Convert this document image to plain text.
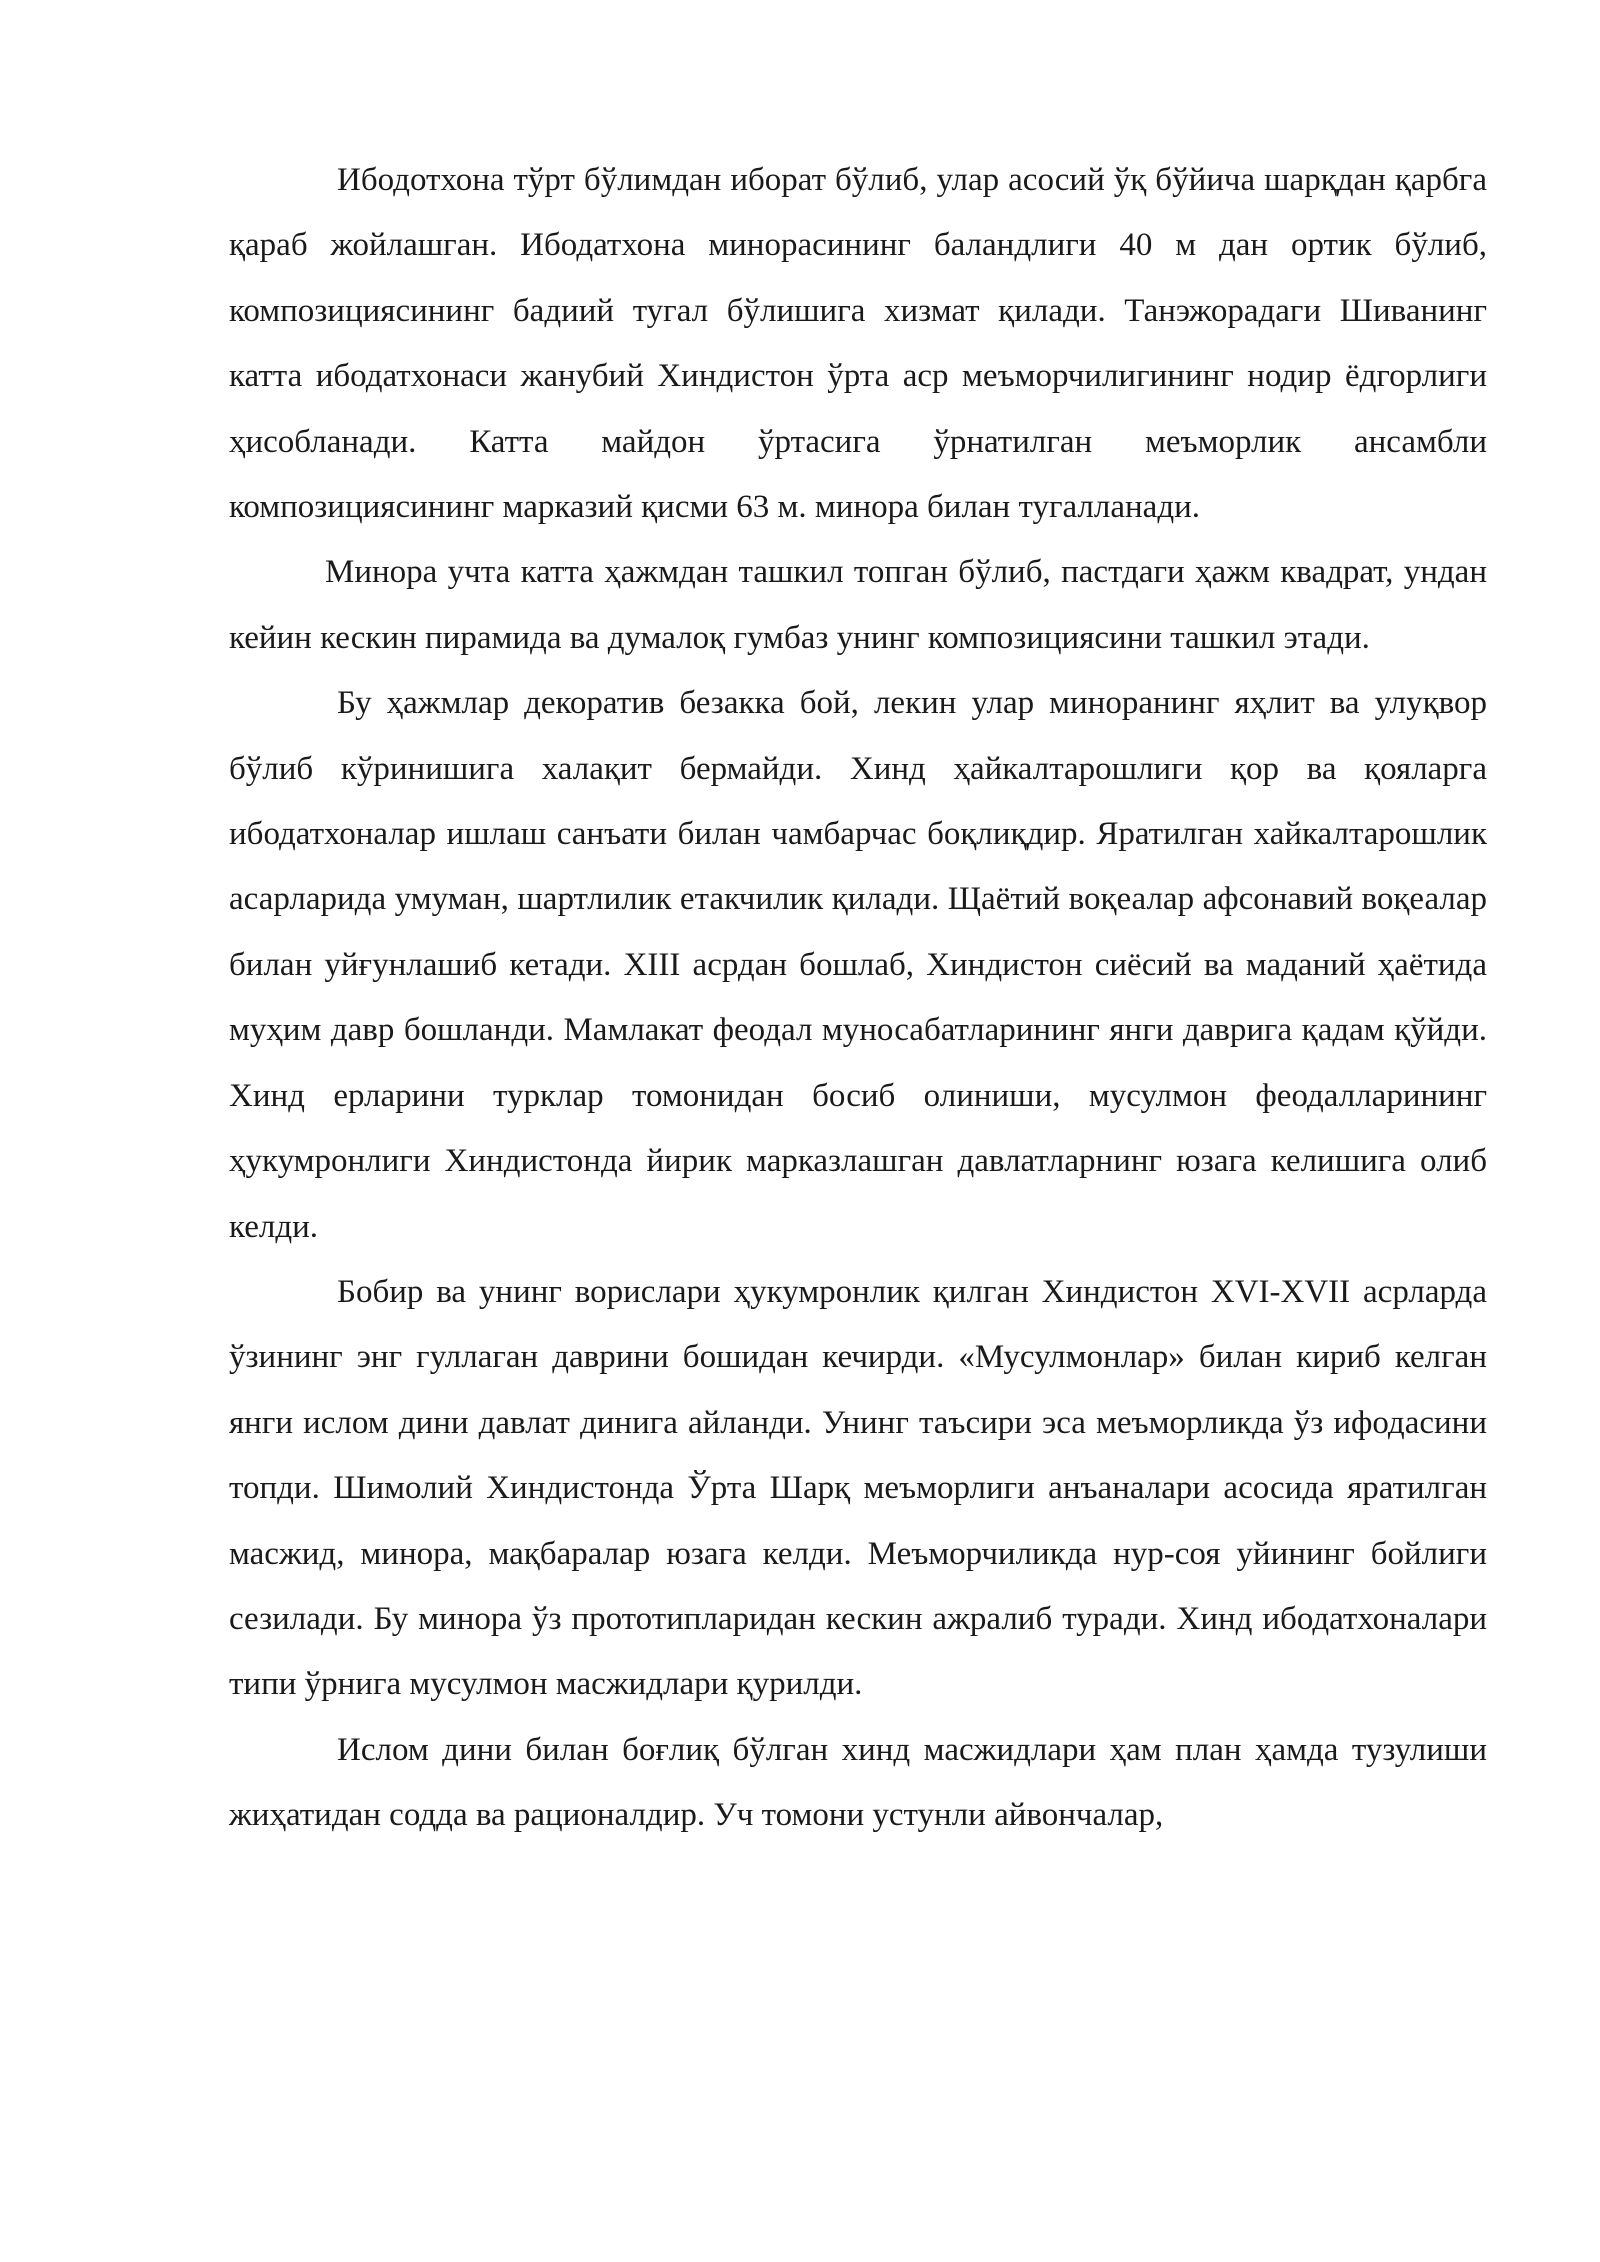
Ибодотхона тўрт бўлимдан иборат бўлиб, улар асосий ўқ бўйича шарқдан қарбга қараб жойлашган. Ибодатхона минорасининг баландлиги 40 м дан ортик бўлиб, композициясининг бадиий тугал бўлишига хизмат қилади. Танэжорадаги Шиванинг катта ибодатхонаси жанубий Хиндистон ўрта аср меъморчилигининг нодир ёдгорлиги ҳисобланади. Катта майдон ўртасига ўрнатилган меъморлик ансамбли композициясининг марказий қисми 63 м. минора билан тугалланади.

Минора учта катта ҳажмдан ташкил топган бўлиб, пастдаги ҳажм квадрат, ундан кейин кескин пирамида ва думалоқ гумбаз унинг композициясини ташкил этади.

Бу ҳажмлар декоратив безакка бой, лекин улар миноранинг яҳлит ва улуқвор бўлиб кўринишига халақит бермайди. Хинд ҳайкалтарошлиги қор ва қояларга ибодатхоналар ишлаш санъати билан чамбарчас боқлиқдир. Яратилган хайкалтарошлик асарларида умуман, шартлилик етакчилик қилади. Щаётий воқеалар афсонавий воқеалар билан уйғунлашиб кетади. XIII асрдан бошлаб, Хиндистон сиёсий ва маданий ҳаётида муҳим давр бошланди. Мамлакат феодал муносабатларининг янги даврига қадам қўйди. Хинд ерларини турклар томонидан босиб олиниши, мусулмон феодалларининг ҳукумронлиги Хиндистонда йирик марказлашган давлатларнинг юзага келишига олиб келди.

Бобир ва унинг ворислари ҳукумронлик қилган Хиндистон XVI-XVII асрларда ўзининг энг гуллаган даврини бошидан кечирди. «Мусулмонлар» билан кириб келган янги ислом дини давлат динига айланди. Унинг таъсири эса меъморликда ўз ифодасини топди. Шимолий Хиндистонда Ўрта Шарқ меъморлиги анъаналари асосида яратилган масжид, минора, мақбаралар юзага келди. Меъморчиликда нур-соя уйининг бойлиги сезилади. Бу минора ўз прототипларидан кескин ажралиб туради. Хинд ибодатхоналари типи ўрнига мусулмон масжидлари қурилди.

Ислом дини билан боғлиқ бўлган хинд масжидлари ҳам план ҳамда тузулиши жиҳатидан содда ва рационалдир. Уч томони устунли айвончалар,
